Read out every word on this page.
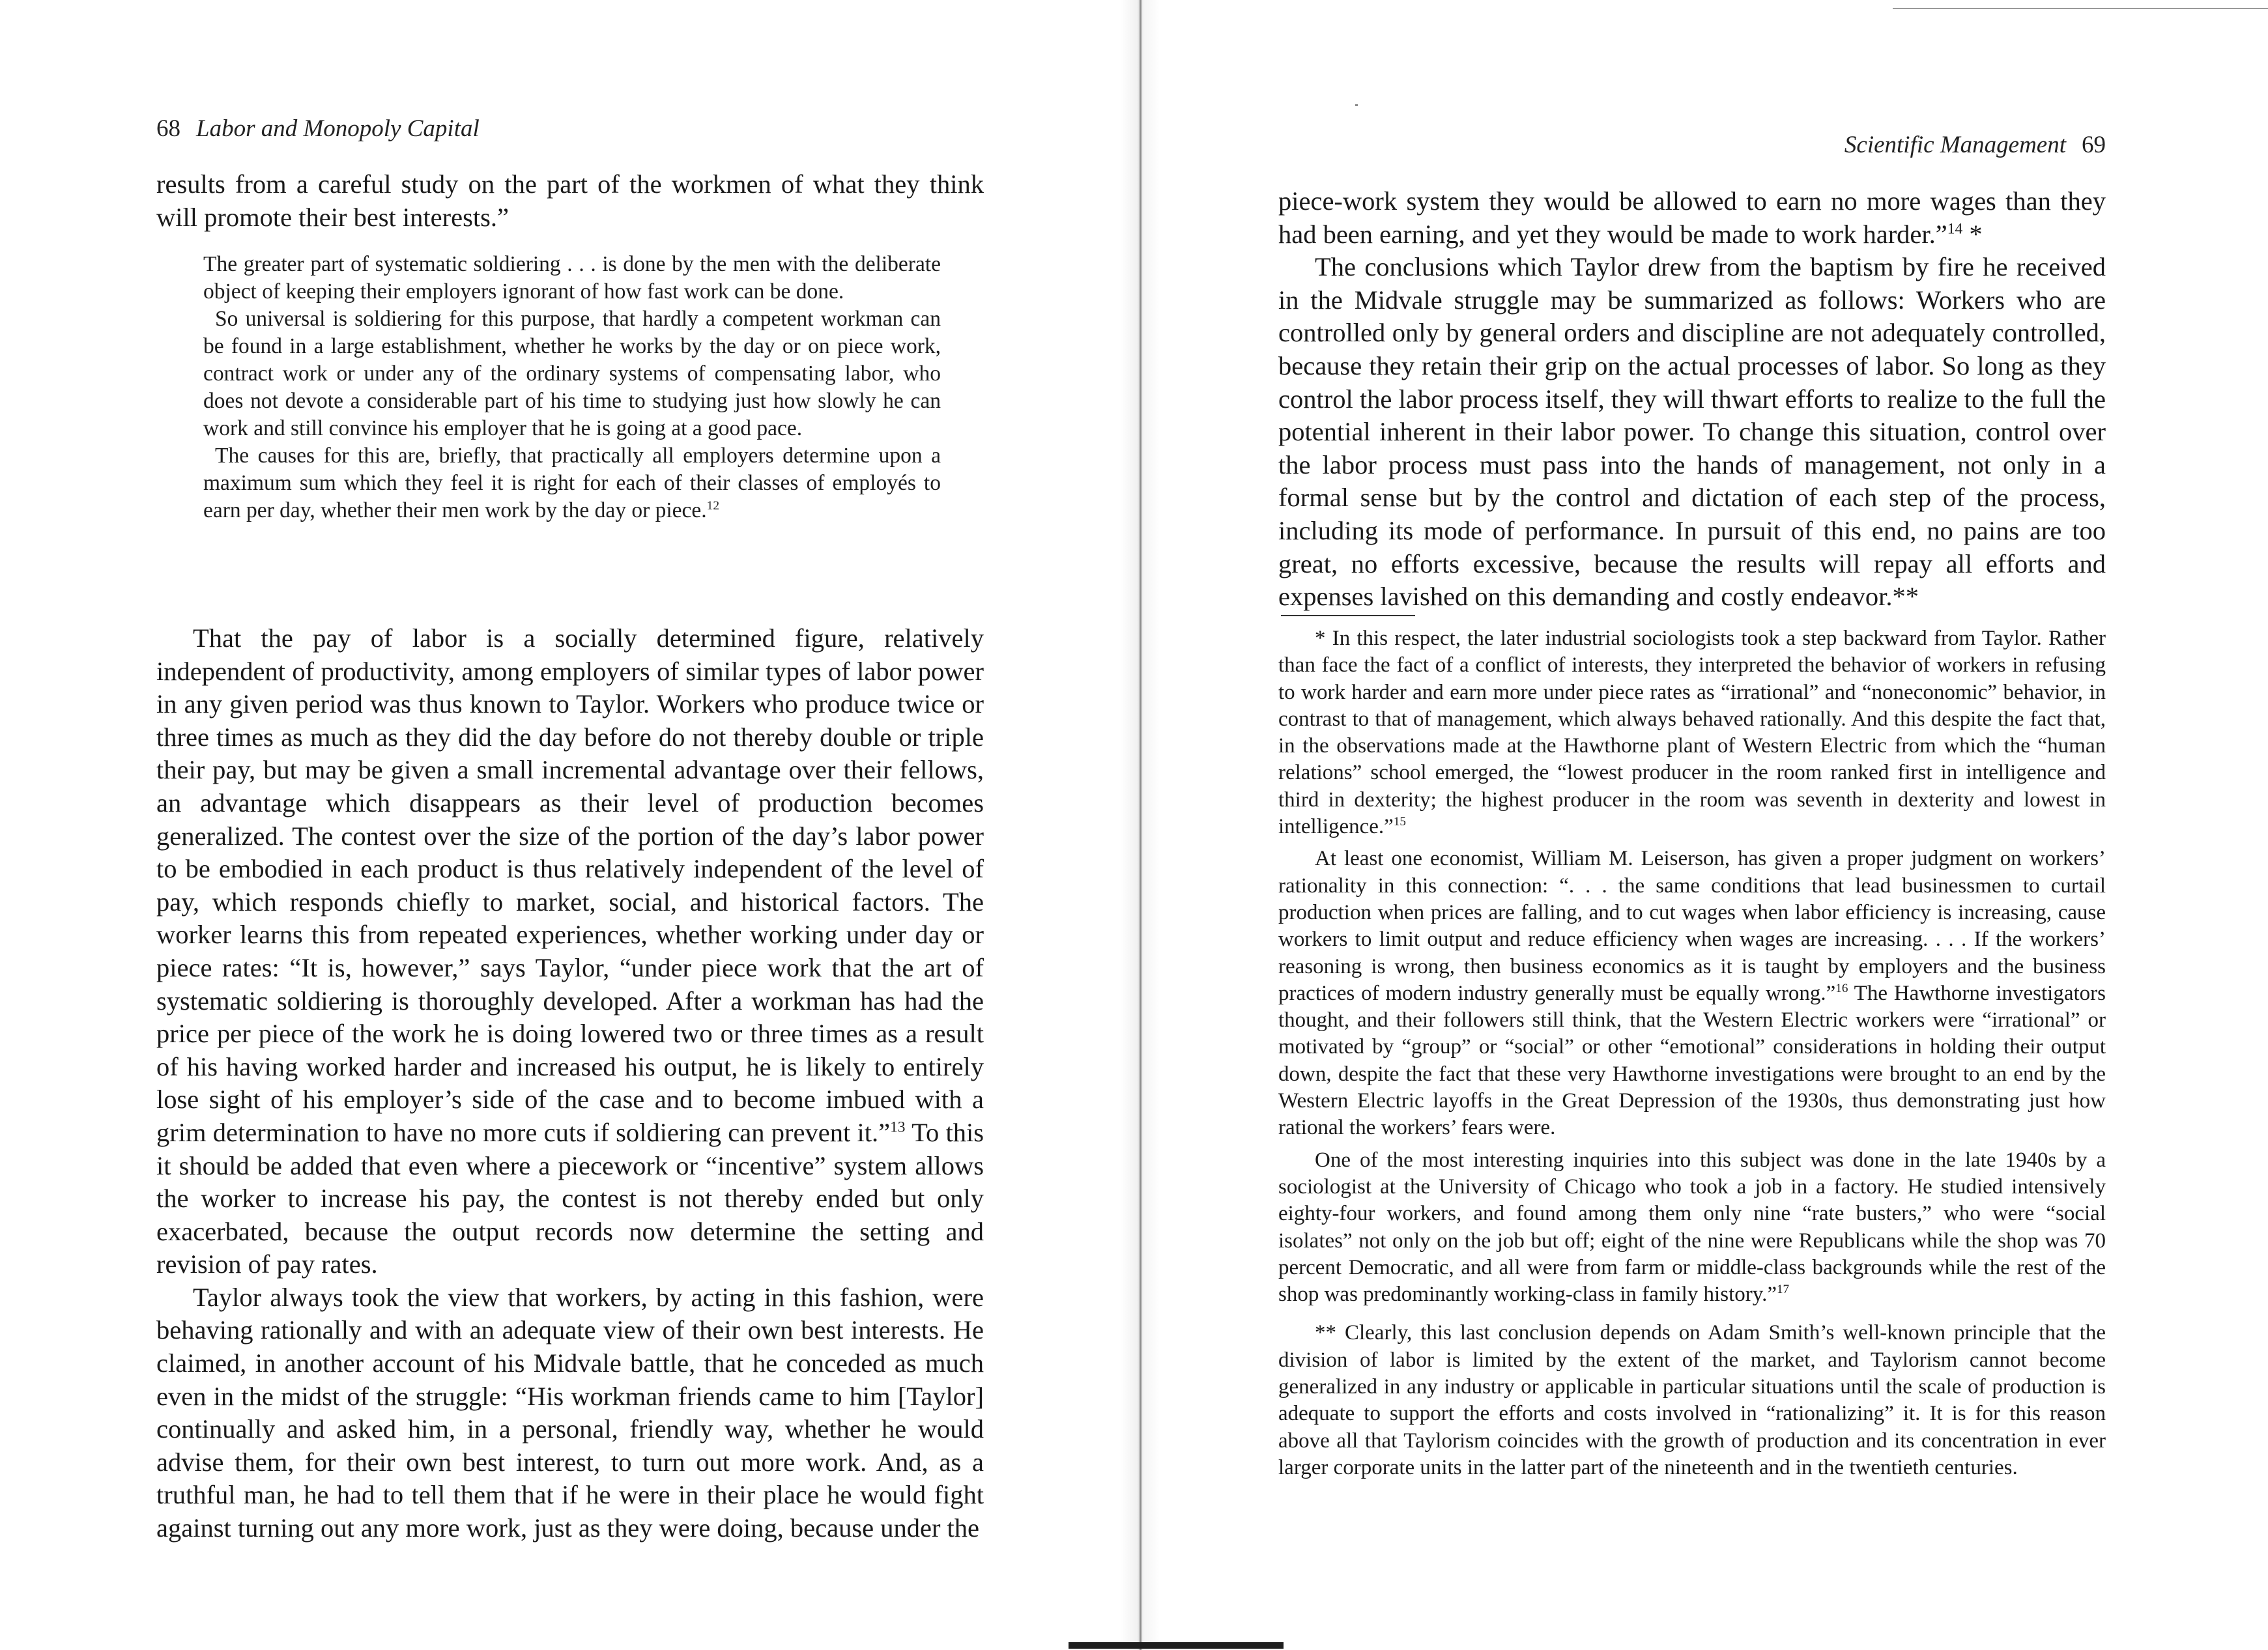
68 Labor and Monopoly Capital

results from a careful study on the part of the workmen of what they think will promote their best interests.”

The greater part of systematic soldiering . . . is done by the men with the deliberate object of keeping their employers ignorant of how fast work can be done.

So universal is soldiering for this purpose, that hardly a competent workman can be found in a large establishment, whether he works by the day or on piece work, contract work or under any of the ordinary systems of compensating labor, who does not devote a considerable part of his time to studying just how slowly he can work and still convince his employer that he is going at a good pace.

The causes for this are, briefly, that practically all employers determine upon a maximum sum which they feel it is right for each of their classes of employés to earn per day, whether their men work by the day or piece.$^{12}$

That the pay of labor is a socially determined figure, relatively independent of productivity, among employers of similar types of labor power in any given period was thus known to Taylor. Workers who produce twice or three times as much as they did the day before do not thereby double or triple their pay, but may be given a small incremental advantage over their fellows, an advantage which disappears as their level of production becomes generalized. The contest over the size of the portion of the day’s labor power to be embodied in each product is thus relatively independent of the level of pay, which responds chiefly to market, social, and historical factors. The worker learns this from repeated experiences, whether working under day or piece rates: “It is, however,” says Taylor, “under piece work that the art of systematic soldiering is thoroughly developed. After a workman has had the price per piece of the work he is doing lowered two or three times as a result of his having worked harder and increased his output, he is likely to entirely lose sight of his employer’s side of the case and to become imbued with a grim determination to have no more cuts if soldiering can prevent it.”$^{13}$ To this it should be added that even where a piecework or “incentive” system allows the worker to increase his pay, the contest is not thereby ended but only exacerbated, because the output records now determine the setting and revision of pay rates.

Taylor always took the view that workers, by acting in this fashion, were behaving rationally and with an adequate view of their own best interests. He claimed, in another account of his Midvale battle, that he conceded as much even in the midst of the struggle: “His workman friends came to him [Taylor] continually and asked him, in a personal, friendly way, whether he would advise them, for their own best interest, to turn out more work. And, as a truthful man, he had to tell them that if he were in their place he would fight against turning out any more work, just as they were doing, because under the

Scientific Management 69

piece-work system they would be allowed to earn no more wages than they had been earning, and yet they would be made to work harder.”$^{14}$ *

The conclusions which Taylor drew from the baptism by fire he received in the Midvale struggle may be summarized as follows: Workers who are controlled only by general orders and discipline are not adequately controlled, because they retain their grip on the actual processes of labor. So long as they control the labor process itself, they will thwart efforts to realize to the full the potential inherent in their labor power. To change this situation, control over the labor process must pass into the hands of management, not only in a formal sense but by the control and dictation of each step of the process, including its mode of performance. In pursuit of this end, no pains are too great, no efforts excessive, because the results will repay all efforts and expenses lavished on this demanding and costly endeavor.**

* In this respect, the later industrial sociologists took a step backward from Taylor. Rather than face the fact of a conflict of interests, they interpreted the behavior of workers in refusing to work harder and earn more under piece rates as “irrational” and “noneconomic” behavior, in contrast to that of management, which always behaved rationally. And this despite the fact that, in the observations made at the Hawthorne plant of Western Electric from which the “human relations” school emerged, the “lowest producer in the room ranked first in intelligence and third in dexterity; the highest producer in the room was seventh in dexterity and lowest in intelligence.”$^{15}$

At least one economist, William M. Leiserson, has given a proper judgment on workers’ rationality in this connection: “. . . the same conditions that lead businessmen to curtail production when prices are falling, and to cut wages when labor efficiency is increasing, cause workers to limit output and reduce efficiency when wages are increasing. . . . If the workers’ reasoning is wrong, then business economics as it is taught by employers and the business practices of modern industry generally must be equally wrong.”$^{16}$ The Hawthorne investigators thought, and their followers still think, that the Western Electric workers were “irrational” or motivated by “group” or “social” or other “emotional” considerations in holding their output down, despite the fact that these very Hawthorne investigations were brought to an end by the Western Electric layoffs in the Great Depression of the 1930s, thus demonstrating just how rational the workers’ fears were.

One of the most interesting inquiries into this subject was done in the late 1940s by a sociologist at the University of Chicago who took a job in a factory. He studied intensively eighty-four workers, and found among them only nine “rate busters,” who were “social isolates” not only on the job but off; eight of the nine were Republicans while the shop was 70 percent Democratic, and all were from farm or middle-class backgrounds while the rest of the shop was predominantly working-class in family history.”$^{17}$

** Clearly, this last conclusion depends on Adam Smith’s well-known principle that the division of labor is limited by the extent of the market, and Taylorism cannot become generalized in any industry or applicable in particular situations until the scale of production is adequate to support the efforts and costs involved in “rationalizing” it. It is for this reason above all that Taylorism coincides with the growth of production and its concentration in ever larger corporate units in the latter part of the nineteenth and in the twentieth centuries.
